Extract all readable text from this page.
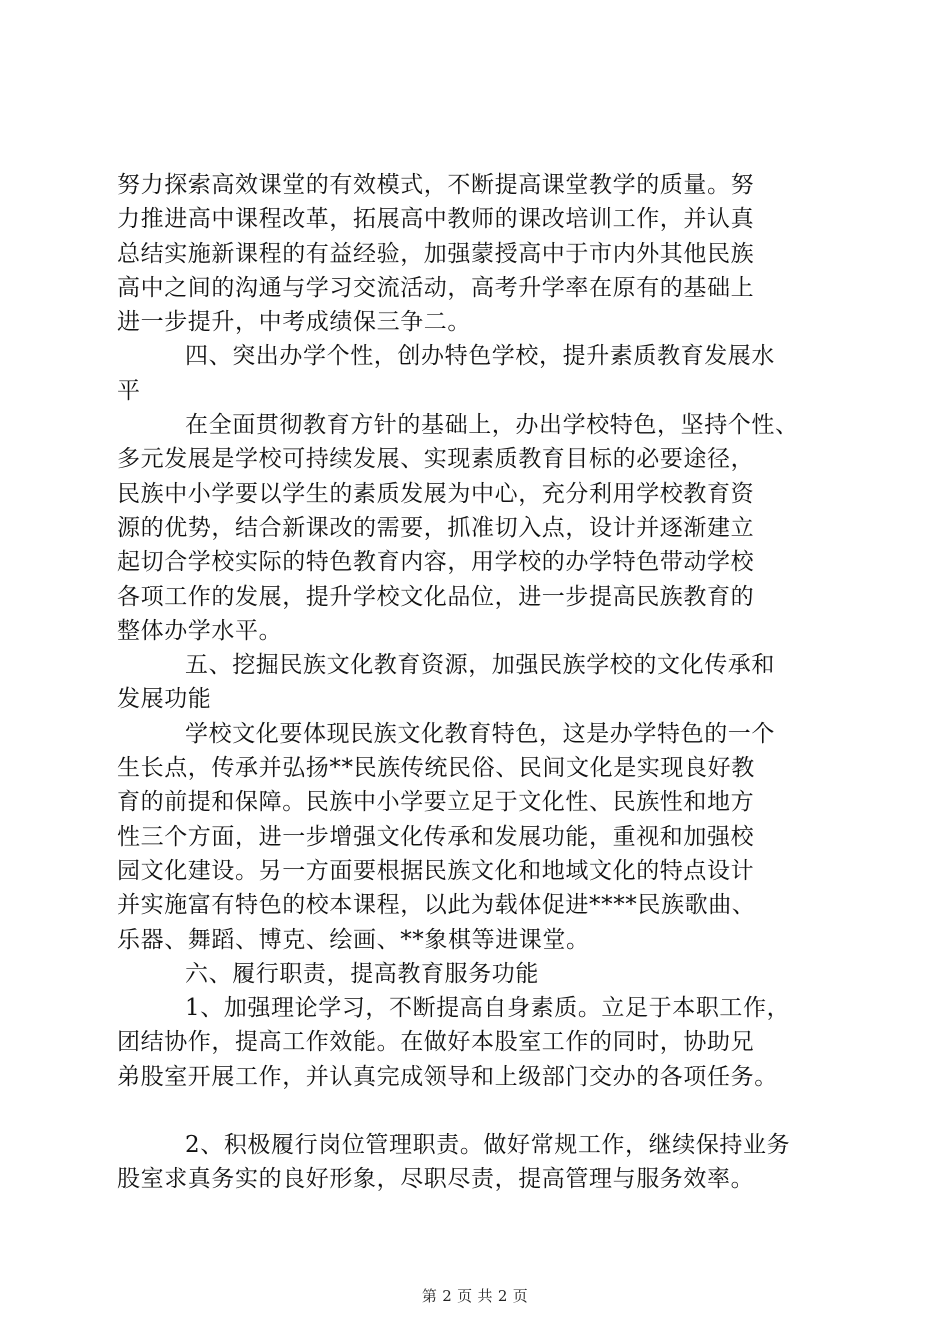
努力探索高效课堂的有效模式，不断提高课堂教学的质量。努
力推进高中课程改革，拓展高中教师的课改培训工作，并认真
总结实施新课程的有益经验，加强蒙授高中于市内外其他民族
高中之间的沟通与学习交流活动，高考升学率在原有的基础上
进一步提升，中考成绩保三争二。
四、突出办学个性，创办特色学校，提升素质教育发展水
平
在全面贯彻教育方针的基础上，办出学校特色，坚持个性、
多元发展是学校可持续发展、实现素质教育目标的必要途径，
民族中小学要以学生的素质发展为中心，充分利用学校教育资
源的优势，结合新课改的需要，抓准切入点，设计并逐渐建立
起切合学校实际的特色教育内容，用学校的办学特色带动学校
各项工作的发展，提升学校文化品位，进一步提高民族教育的
整体办学水平。
五、挖掘民族文化教育资源，加强民族学校的文化传承和
发展功能
学校文化要体现民族文化教育特色，这是办学特色的一个
生长点，传承并弘扬**民族传统民俗、民间文化是实现良好教
育的前提和保障。民族中小学要立足于文化性、民族性和地方
性三个方面，进一步增强文化传承和发展功能，重视和加强校
园文化建设。另一方面要根据民族文化和地域文化的特点设计
并实施富有特色的校本课程，以此为载体促进****民族歌曲、
乐器、舞蹈、博克、绘画、**象棋等进课堂。
六、履行职责，提高教育服务功能
1、加强理论学习，不断提高自身素质。立足于本职工作，
团结协作，提高工作效能。在做好本股室工作的同时，协助兄
弟股室开展工作，并认真完成领导和上级部门交办的各项任务。
2、积极履行岗位管理职责。做好常规工作，继续保持业务
股室求真务实的良好形象，尽职尽责，提高管理与服务效率。
第 2 页 共 2 页
